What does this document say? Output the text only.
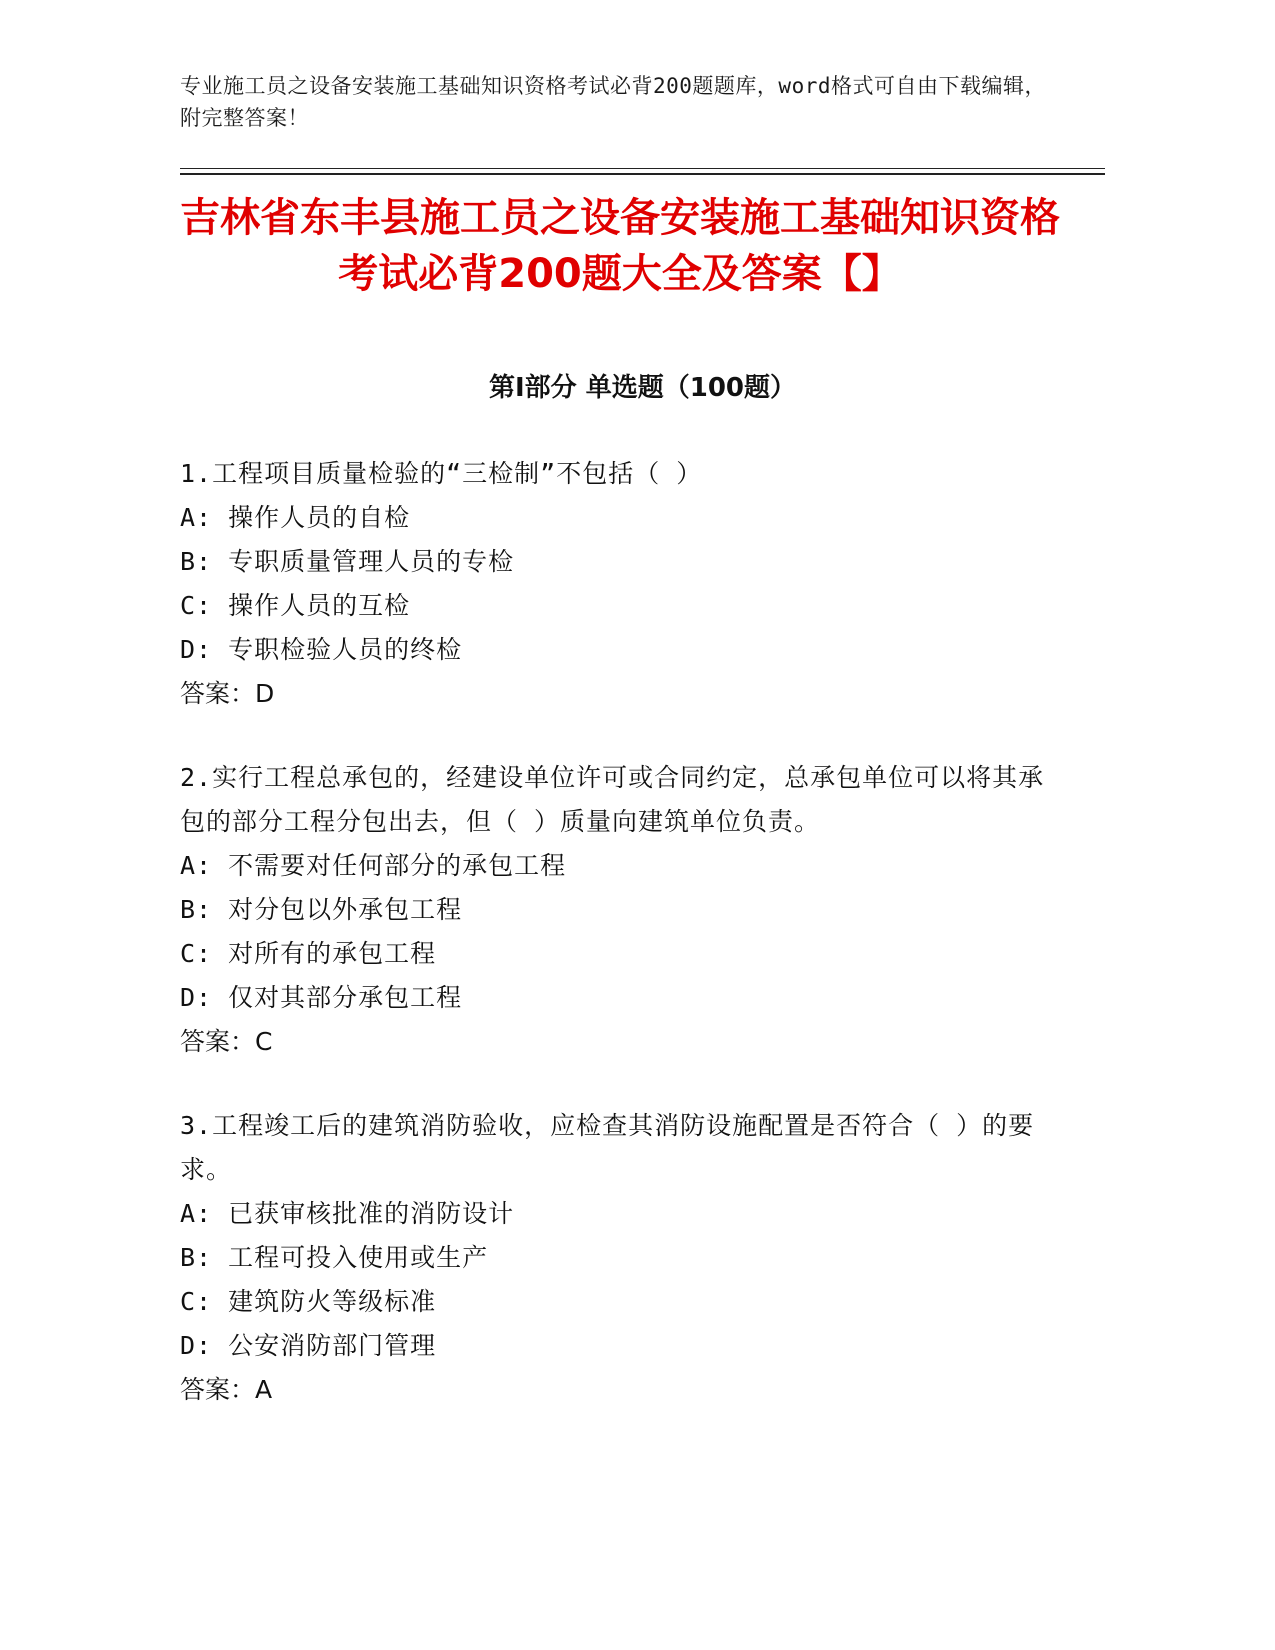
专业施工员之设备安装施工基础知识资格考试必背200题题库，word格式可自由下载编辑，附完整答案！
吉林省东丰县施工员之设备安装施工基础知识资格考试必背200题大全及答案【】
第Ⅰ部分 单选题（100题）
1.工程项目质量检验的“三检制”不包括（ ）
A: 操作人员的自检
B: 专职质量管理人员的专检
C: 操作人员的互检
D: 专职检验人员的终检
答案：D
2.实行工程总承包的，经建设单位许可或合同约定，总承包单位可以将其承包的部分工程分包出去，但（ ）质量向建筑单位负责。
A: 不需要对任何部分的承包工程
B: 对分包以外承包工程
C: 对所有的承包工程
D: 仅对其部分承包工程
答案：C
3.工程竣工后的建筑消防验收，应检查其消防设施配置是否符合（ ）的要求。
A: 已获审核批准的消防设计
B: 工程可投入使用或生产
C: 建筑防火等级标准
D: 公安消防部门管理
答案：A
